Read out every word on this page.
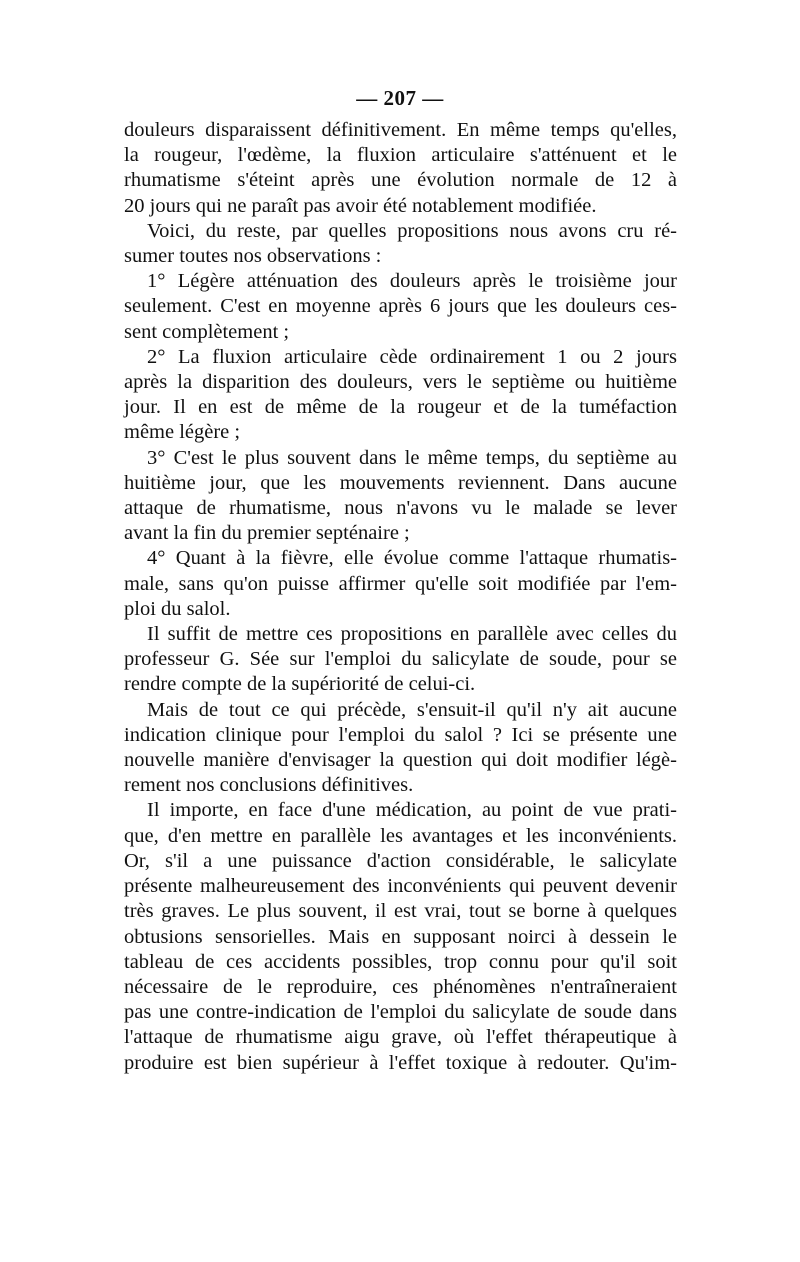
— 207 —
douleurs disparaissent définitivement. En même temps qu'elles,
la rougeur, l'œdème, la fluxion articulaire s'atténuent et le
rhumatisme s'éteint après une évolution normale de 12 à
20 jours qui ne paraît pas avoir été notablement modifiée.
Voici, du reste, par quelles propositions nous avons cru ré-
sumer toutes nos observations :
1° Légère atténuation des douleurs après le troisième jour
seulement. C'est en moyenne après 6 jours que les douleurs ces-
sent complètement ;
2° La fluxion articulaire cède ordinairement 1 ou 2 jours
après la disparition des douleurs, vers le septième ou huitième
jour. Il en est de même de la rougeur et de la tuméfaction
même légère ;
3° C'est le plus souvent dans le même temps, du septième au
huitième jour, que les mouvements reviennent. Dans aucune
attaque de rhumatisme, nous n'avons vu le malade se lever
avant la fin du premier septénaire ;
4° Quant à la fièvre, elle évolue comme l'attaque rhumatis-
male, sans qu'on puisse affirmer qu'elle soit modifiée par l'em-
ploi du salol.
Il suffit de mettre ces propositions en parallèle avec celles du
professeur G. Sée sur l'emploi du salicylate de soude, pour se
rendre compte de la supériorité de celui-ci.
Mais de tout ce qui précède, s'ensuit-il qu'il n'y ait aucune
indication clinique pour l'emploi du salol ? Ici se présente une
nouvelle manière d'envisager la question qui doit modifier légè-
rement nos conclusions définitives.
Il importe, en face d'une médication, au point de vue prati-
que, d'en mettre en parallèle les avantages et les inconvénients.
Or, s'il a une puissance d'action considérable, le salicylate
présente malheureusement des inconvénients qui peuvent devenir
très graves. Le plus souvent, il est vrai, tout se borne à quelques
obtusions sensorielles. Mais en supposant noirci à dessein le
tableau de ces accidents possibles, trop connu pour qu'il soit
nécessaire de le reproduire, ces phénomènes n'entraîneraient
pas une contre-indication de l'emploi du salicylate de soude dans
l'attaque de rhumatisme aigu grave, où l'effet thérapeutique à
produire est bien supérieur à l'effet toxique à redouter. Qu'im-
